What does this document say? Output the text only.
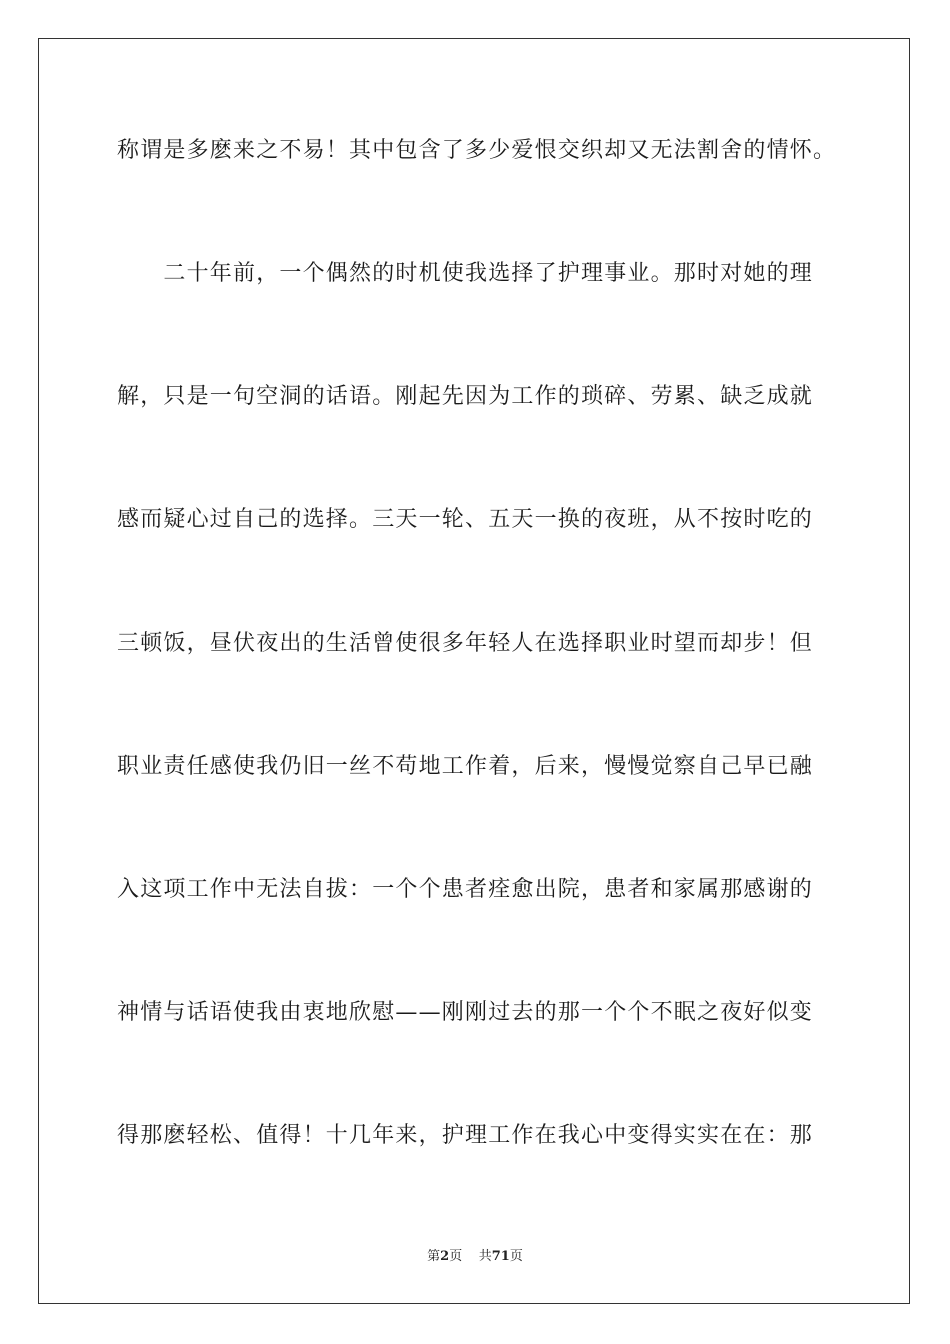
称谓是多麽来之不易！其中包含了多少爱恨交织却又无法割舍的情怀。
　　二十年前，一个偶然的时机使我选择了护理事业。那时对她的理
解，只是一句空洞的话语。刚起先因为工作的琐碎、劳累、缺乏成就
感而疑心过自己的选择。三天一轮、五天一换的夜班，从不按时吃的
三顿饭，昼伏夜出的生活曾使很多年轻人在选择职业时望而却步！但
职业责任感使我仍旧一丝不苟地工作着，后来，慢慢觉察自己早已融
入这项工作中无法自拔：一个个患者痊愈出院，患者和家属那感谢的
神情与话语使我由衷地欣慰——刚刚过去的那一个个不眠之夜好似变
得那麽轻松、值得！十几年来，护理工作在我心中变得实实在在：那
第2页 共71页
